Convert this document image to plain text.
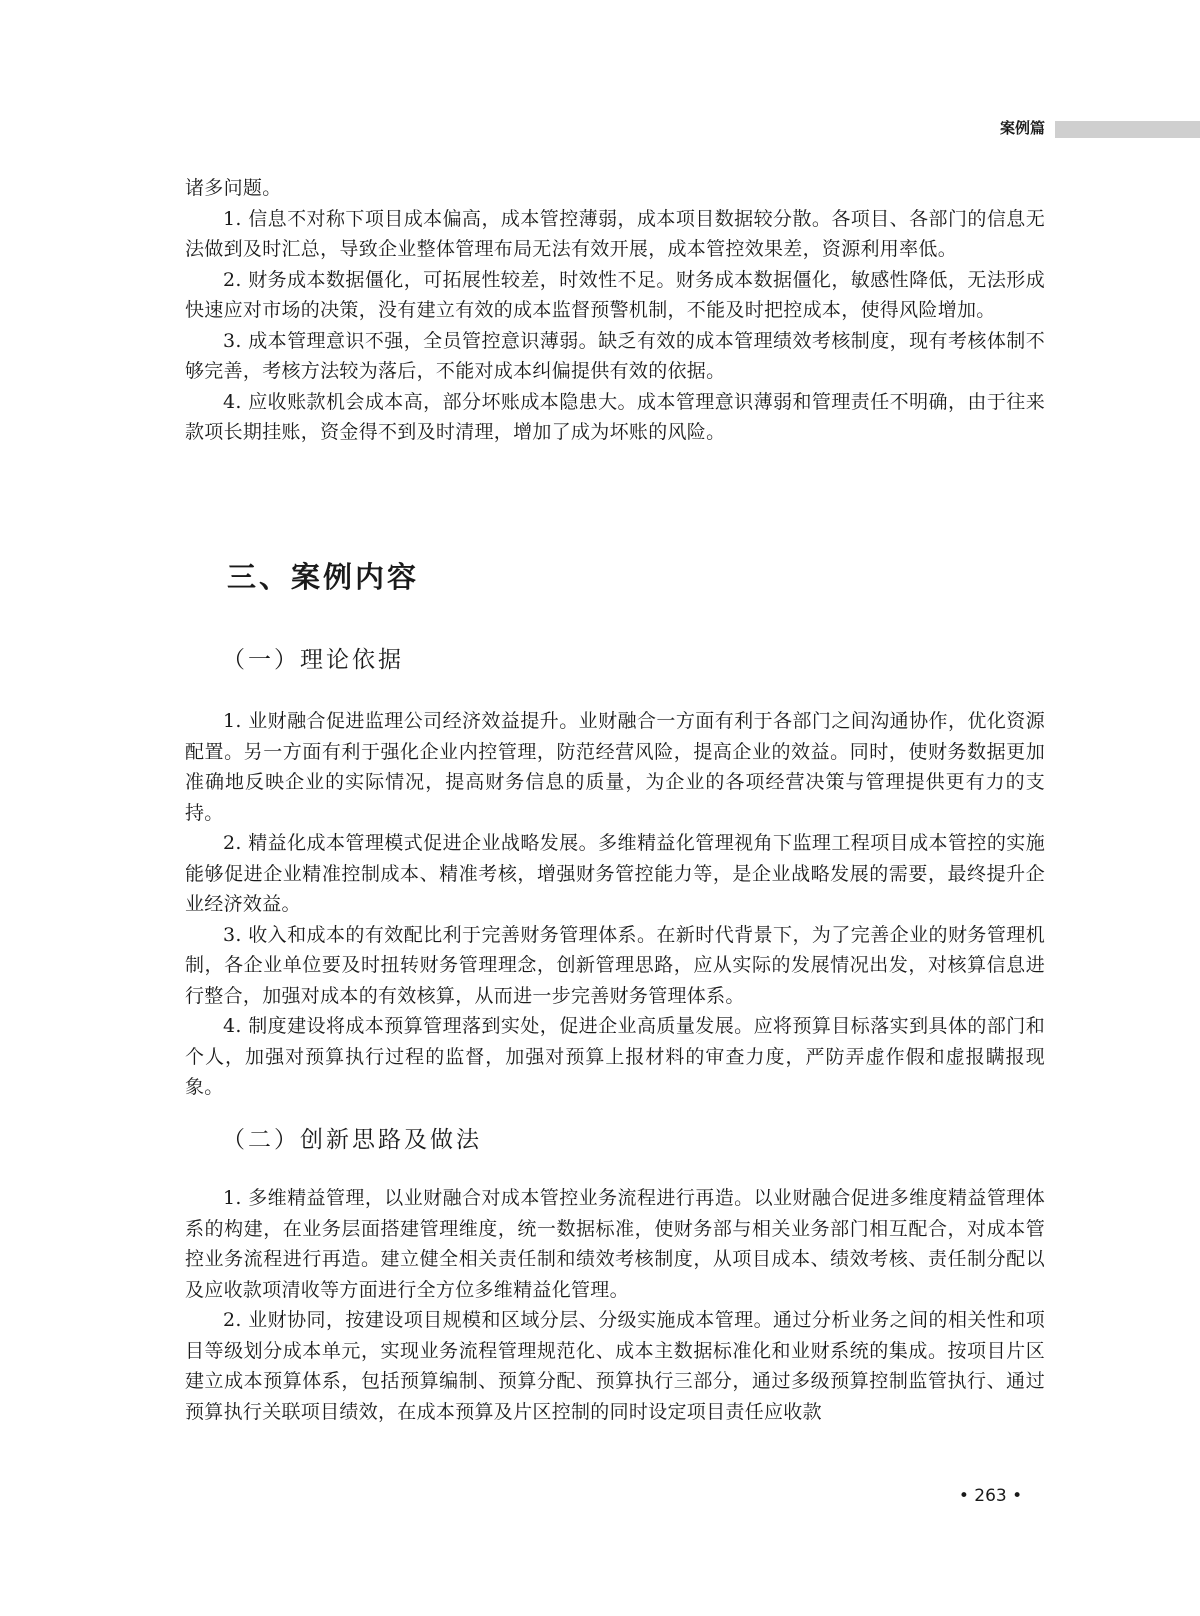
案例篇

诸多问题。

1. 信息不对称下项目成本偏高，成本管控薄弱，成本项目数据较分散。各项目、各部门的信息无法做到及时汇总，导致企业整体管理布局无法有效开展，成本管控效果差，资源利用率低。

2. 财务成本数据僵化，可拓展性较差，时效性不足。财务成本数据僵化，敏感性降低，无法形成快速应对市场的决策，没有建立有效的成本监督预警机制，不能及时把控成本，使得风险增加。

3. 成本管理意识不强，全员管控意识薄弱。缺乏有效的成本管理绩效考核制度，现有考核体制不够完善，考核方法较为落后，不能对成本纠偏提供有效的依据。

4. 应收账款机会成本高，部分坏账成本隐患大。成本管理意识薄弱和管理责任不明确，由于往来款项长期挂账，资金得不到及时清理，增加了成为坏账的风险。

三、案例内容
（一）理论依据

1. 业财融合促进监理公司经济效益提升。业财融合一方面有利于各部门之间沟通协作，优化资源配置。另一方面有利于强化企业内控管理，防范经营风险，提高企业的效益。同时，使财务数据更加准确地反映企业的实际情况，提高财务信息的质量，为企业的各项经营决策与管理提供更有力的支持。

2. 精益化成本管理模式促进企业战略发展。多维精益化管理视角下监理工程项目成本管控的实施能够促进企业精准控制成本、精准考核，增强财务管控能力等，是企业战略发展的需要，最终提升企业经济效益。

3. 收入和成本的有效配比利于完善财务管理体系。在新时代背景下，为了完善企业的财务管理机制，各企业单位要及时扭转财务管理理念，创新管理思路，应从实际的发展情况出发，对核算信息进行整合，加强对成本的有效核算，从而进一步完善财务管理体系。

4. 制度建设将成本预算管理落到实处，促进企业高质量发展。应将预算目标落实到具体的部门和个人，加强对预算执行过程的监督，加强对预算上报材料的审查力度，严防弄虚作假和虚报瞒报现象。

（二）创新思路及做法

1. 多维精益管理，以业财融合对成本管控业务流程进行再造。以业财融合促进多维度精益管理体系的构建，在业务层面搭建管理维度，统一数据标准，使财务部与相关业务部门相互配合，对成本管控业务流程进行再造。建立健全相关责任制和绩效考核制度，从项目成本、绩效考核、责任制分配以及应收款项清收等方面进行全方位多维精益化管理。

2. 业财协同，按建设项目规模和区域分层、分级实施成本管理。通过分析业务之间的相关性和项目等级划分成本单元，实现业务流程管理规范化、成本主数据标准化和业财系统的集成。按项目片区建立成本预算体系，包括预算编制、预算分配、预算执行三部分，通过多级预算控制监管执行、通过预算执行关联项目绩效，在成本预算及片区控制的同时设定项目责任应收款

• 263 •
